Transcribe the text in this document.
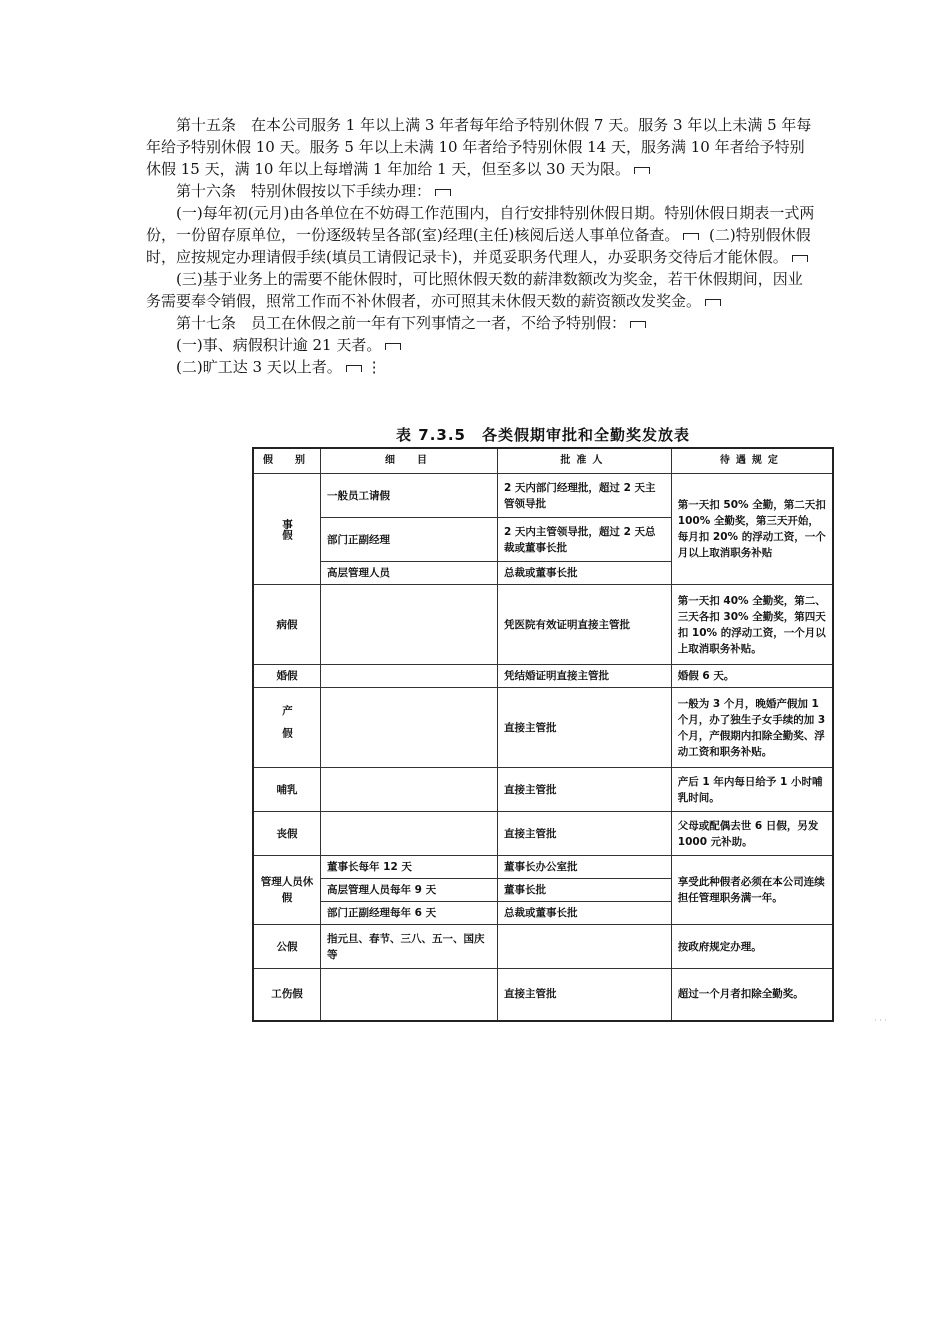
第十五条　在本公司服务 1 年以上满 3 年者每年给予特别休假 7 天。服务 3 年以上未满 5 年每年给予特别休假 10 天。服务 5 年以上未满 10 年者给予特别休假 14 天，服务满 10 年者给予特别休假 15 天，满 10 年以上每增满 1 年加给 1 天，但至多以 30 天为限。

第十六条　特别休假按以下手续办理：

(一)每年初(元月)由各单位在不妨碍工作范围内，自行安排特别休假日期。特别休假日期表一式两份，一份留存原单位，一份逐级转呈各部(室)经理(主任)核阅后送人事单位备查。 (二)特别假休假时，应按规定办理请假手续(填员工请假记录卡)，并觅妥职务代理人，办妥职务交待后才能休假。

(三)基于业务上的需要不能休假时，可比照休假天数的薪津数额改为奖金，若干休假期间，因业务需要奉令销假，照常工作而不补休假者，亦可照其未休假天数的薪资额改发奖金。

第十七条　员工在休假之前一年有下列事情之一者，不给予特别假：

(一)事、病假积计逾 21 天者。

(二)旷工达 3 天以上者。 ⋮

表 7.3.5　各类假期审批和全勤奖发放表
假　别	细　目	批准人	待遇规定
事假	一般员工请假	2 天内部门经理批，超过 2 天主管领导批	第一天扣 50% 全勤，第二天扣 100% 全勤奖，第三天开始，每月扣 20% 的浮动工资，一个月以上取消职务补贴
	部门正副经理	2 天内主管领导批，超过 2 天总裁或董事长批	
	高层管理人员	总裁或董事长批	
病假		凭医院有效证明直接主管批	第一天扣 40% 全勤奖，第二、三天各扣 30% 全勤奖，第四天扣 10% 的浮动工资，一个月以上取消职务补贴。
婚假		凭结婚证明直接主管批	婚假 6 天。
产假		直接主管批	一般为 3 个月，晚婚产假加 1 个月，办了独生子女手续的加 3 个月，产假期内扣除全勤奖、浮动工资和职务补贴。
哺乳		直接主管批	产后 1 年内每日给予 1 小时哺乳时间。
丧假		直接主管批	父母或配偶去世 6 日假，另发 1000 元补助。
管理人员休假	董事长每年 12 天	董事长办公室批	享受此种假者必须在本公司连续担任管理职务满一年。
	高层管理人员每年 9 天	董事长批	
	部门正副经理每年 6 天	总裁或董事长批	
公假	指元旦、春节、三八、五一、国庆等		按政府规定办理。
工伤假		直接主管批	超过一个月者扣除全勤奖。
· · ·
